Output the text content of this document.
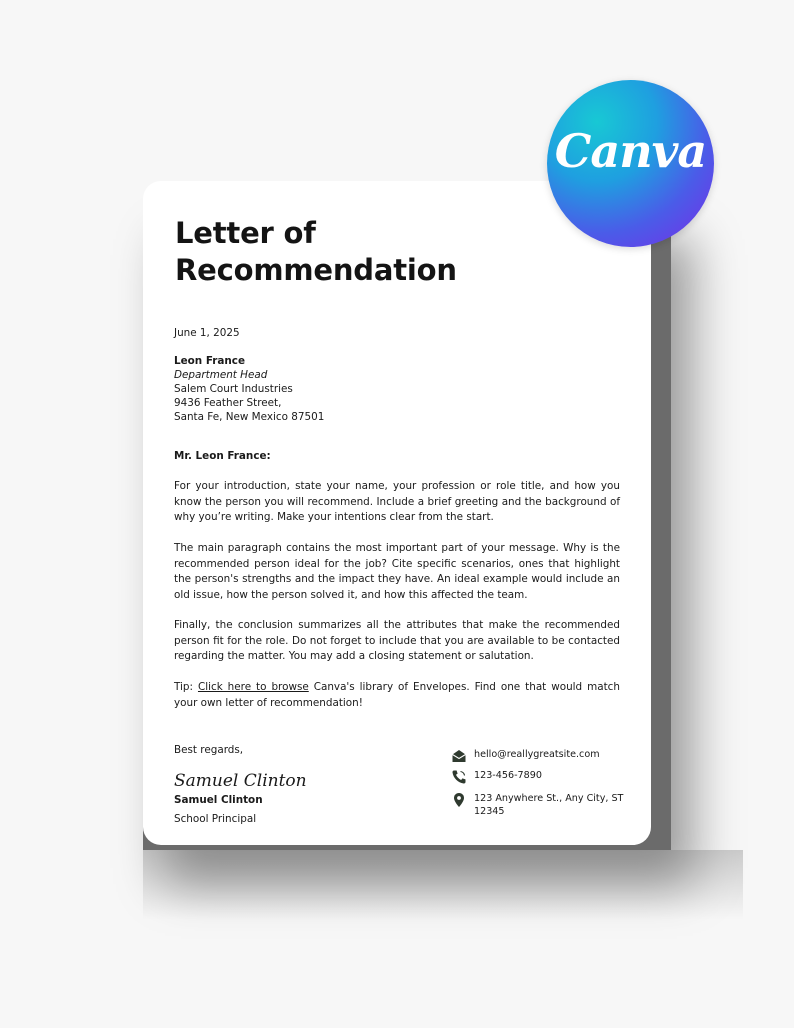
Letter of
Recommendation
June 1, 2025
Leon France
Department Head
Salem Court Industries
9436 Feather Street,
Santa Fe, New Mexico 87501
Mr. Leon France:

For your introduction, state your name, your profession or role title, and how you know the person you will recommend. Include a brief greeting and the background of why you’re writing. Make your intentions clear from the start.

The main paragraph contains the most important part of your message. Why is the recommended person ideal for the job? Cite specific scenarios, ones that highlight the person's strengths and the impact they have. An ideal example would include an old issue, how the person solved it, and how this affected the team.

Finally, the conclusion summarizes all the attributes that make the recommended person fit for the role. Do not forget to include that you are available to be contacted regarding the matter. You may add a closing statement or salutation.

Tip: Click here to browse Canva's library of Envelopes. Find one that would match your own letter of recommendation!

Best regards,
Samuel Clinton
Samuel Clinton
School Principal
hello@reallygreatsite.com
123-456-7890
123 Anywhere St., Any City, ST 12345
Canva
